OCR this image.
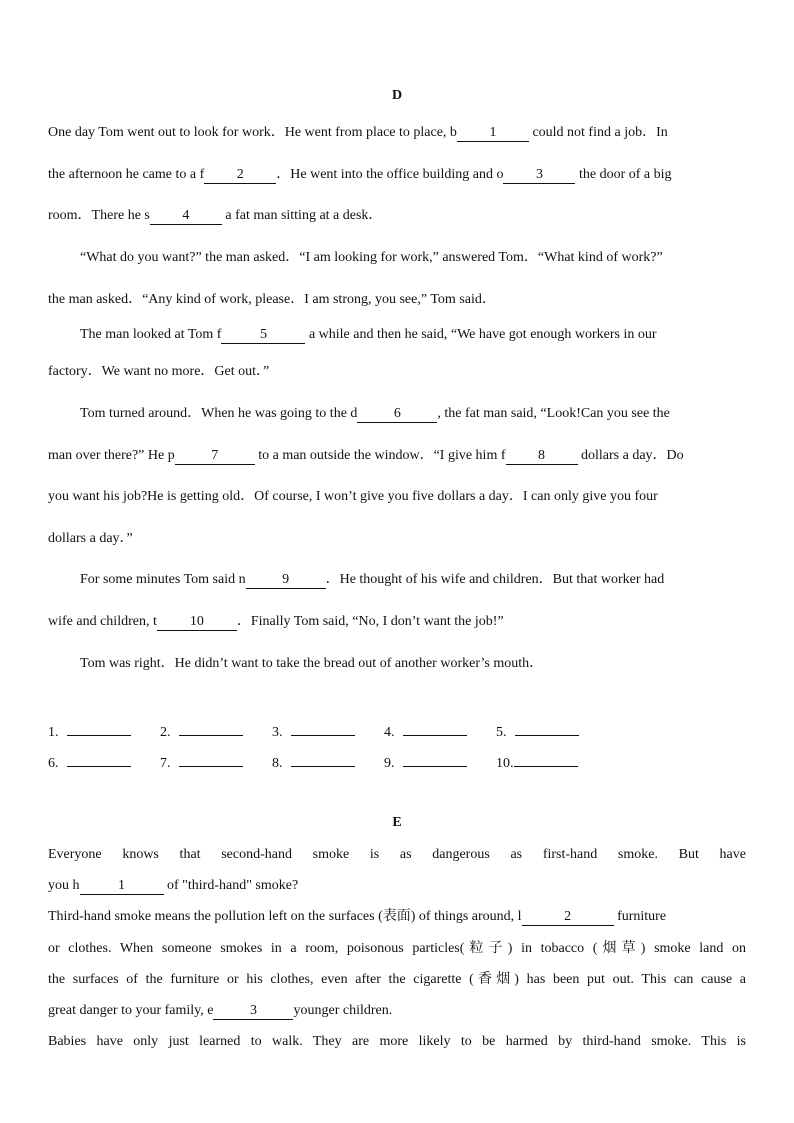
D
One day Tom went out to look for work．He went from place to place, b 1 could not find a job．In
the afternoon he came to a f 2 ．He went into the office building and o 3 the door of a big
room．There he s 4 a fat man sitting at a desk．
“What do you want?” the man asked．“I am looking for work,” answered Tom．“What kind of work?”
the man asked．“Any kind of work, please．I am strong, you see,” Tom said．
The man looked at Tom f	5	a while and then he said, “We have got enough workers in our
factory．We want no more．Get out．”
Tom turned around．When he was going to the d	6	, the fat man said, “Look!Can you see the
man over there?” He p	7	to a man outside the window．“I give him f 8 dollars a day．Do
you want his job?He is getting old．Of course, I won’t give you five dollars a day．I can only give you four
dollars a day．”
For some minutes Tom said n	9	．He thought of his wife and children．But that worker had
wife and children, t 10 ．Finally Tom said, “No, I don’t want the job!”
Tom was right．He didn’t want to take the bread out of another worker’s mouth．
1.	2.	3.	4.	5.
6.	7.	8.	9.	10.
E
Everyone knows that second-hand smoke is as dangerous as first-hand smoke. But have
you h	1	of "third-hand" smoke?
Third-hand smoke means the pollution left on the surfaces (表面) of things around, l	2	furniture
or clothes. When someone smokes in a room, poisonous particles(粒子) in tobacco (烟草) smoke land on
the surfaces of the furniture or his clothes, even after the cigarette (香烟) has been put out. This can cause a
great danger to your family, e	3	younger children.
Babies have only just learned to walk. They are more likely to be harmed by third-hand smoke. This is
